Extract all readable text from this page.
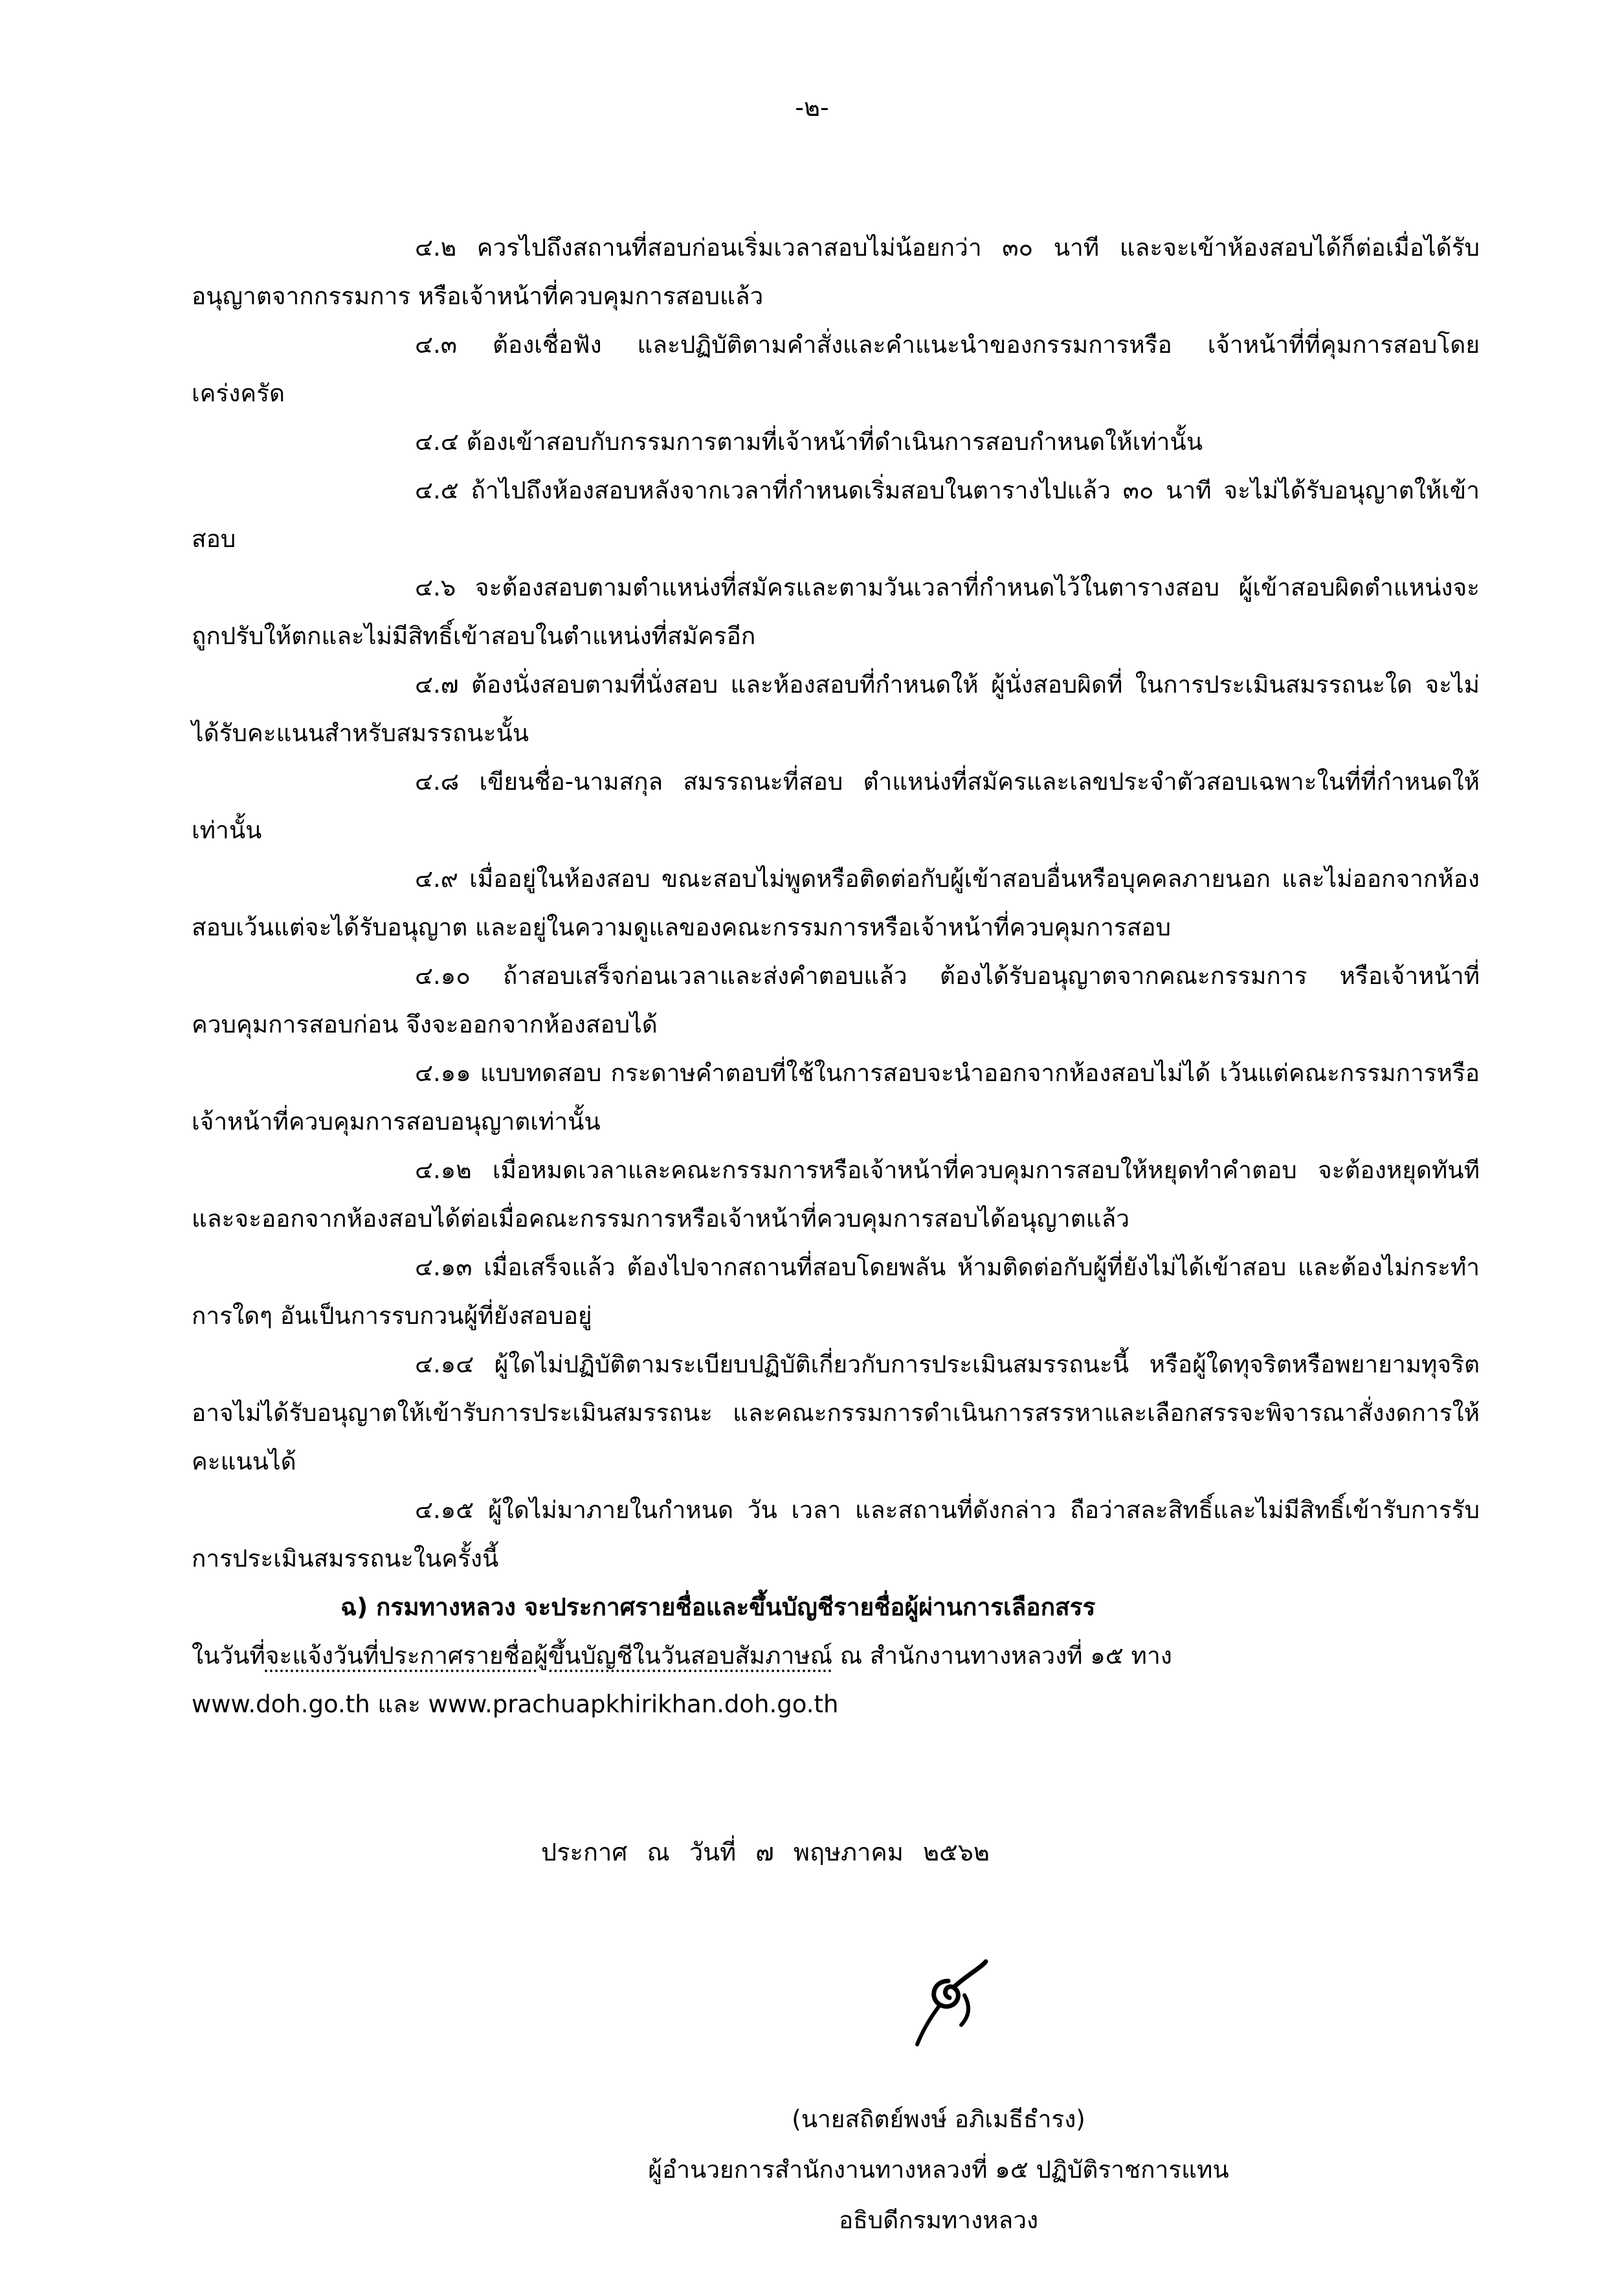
-๒-

๔.๒ ควรไปถึงสถานที่สอบก่อนเริ่มเวลาสอบไม่น้อยกว่า ๓๐ นาที และจะเข้าห้องสอบได้ก็ต่อเมื่อได้รับอนุญาตจากกรรมการ หรือเจ้าหน้าที่ควบคุมการสอบแล้ว

๔.๓ ต้องเชื่อฟัง และปฏิบัติตามคำสั่งและคำแนะนำของกรรมการหรือ เจ้าหน้าที่ที่คุมการสอบโดยเคร่งครัด

๔.๔ ต้องเข้าสอบกับกรรมการตามที่เจ้าหน้าที่ดำเนินการสอบกำหนดให้เท่านั้น

๔.๕ ถ้าไปถึงห้องสอบหลังจากเวลาที่กำหนดเริ่มสอบในตารางไปแล้ว ๓๐ นาที จะไม่ได้รับอนุญาตให้เข้าสอบ

๔.๖ จะต้องสอบตามตำแหน่งที่สมัครและตามวันเวลาที่กำหนดไว้ในตารางสอบ ผู้เข้าสอบผิดตำแหน่งจะถูกปรับให้ตกและไม่มีสิทธิ์เข้าสอบในตำแหน่งที่สมัครอีก

๔.๗ ต้องนั่งสอบตามที่นั่งสอบ และห้องสอบที่กำหนดให้ ผู้นั่งสอบผิดที่ ในการประเมินสมรรถนะใด จะไม่ได้รับคะแนนสำหรับสมรรถนะนั้น

๔.๘ เขียนชื่อ-นามสกุล สมรรถนะที่สอบ ตำแหน่งที่สมัครและเลขประจำตัวสอบเฉพาะในที่ที่กำหนดให้เท่านั้น

๔.๙ เมื่ออยู่ในห้องสอบ ขณะสอบไม่พูดหรือติดต่อกับผู้เข้าสอบอื่นหรือบุคคลภายนอก และไม่ออกจากห้องสอบเว้นแต่จะได้รับอนุญาต และอยู่ในความดูแลของคณะกรรมการหรือเจ้าหน้าที่ควบคุมการสอบ

๔.๑๐ ถ้าสอบเสร็จก่อนเวลาและส่งคำตอบแล้ว ต้องได้รับอนุญาตจากคณะกรรมการ หรือเจ้าหน้าที่ควบคุมการสอบก่อน จึงจะออกจากห้องสอบได้

๔.๑๑ แบบทดสอบ กระดาษคำตอบที่ใช้ในการสอบจะนำออกจากห้องสอบไม่ได้ เว้นแต่คณะกรรมการหรือเจ้าหน้าที่ควบคุมการสอบอนุญาตเท่านั้น

๔.๑๒ เมื่อหมดเวลาและคณะกรรมการหรือเจ้าหน้าที่ควบคุมการสอบให้หยุดทำคำตอบ จะต้องหยุดทันที และจะออกจากห้องสอบได้ต่อเมื่อคณะกรรมการหรือเจ้าหน้าที่ควบคุมการสอบได้อนุญาตแล้ว

๔.๑๓ เมื่อเสร็จแล้ว ต้องไปจากสถานที่สอบโดยพลัน ห้ามติดต่อกับผู้ที่ยังไม่ได้เข้าสอบ และต้องไม่กระทำการใดๆ อันเป็นการรบกวนผู้ที่ยังสอบอยู่

๔.๑๔ ผู้ใดไม่ปฏิบัติตามระเบียบปฏิบัติเกี่ยวกับการประเมินสมรรถนะนี้ หรือผู้ใดทุจริตหรือพยายามทุจริต อาจไม่ได้รับอนุญาตให้เข้ารับการประเมินสมรรถนะ และคณะกรรมการดำเนินการสรรหาและเลือกสรรจะพิจารณาสั่งงดการให้คะแนนได้

๔.๑๕ ผู้ใดไม่มาภายในกำหนด วัน เวลา และสถานที่ดังกล่าว ถือว่าสละสิทธิ์และไม่มีสิทธิ์เข้ารับการรับการประเมินสมรรถนะในครั้งนี้

ฉ) กรมทางหลวง จะประกาศรายชื่อและขึ้นบัญชีรายชื่อผู้ผ่านการเลือกสรร

ในวันที่จะแจ้งวันที่ประกาศรายชื่อผู้ขึ้นบัญชีในวันสอบสัมภาษณ์ ณ สำนักงานทางหลวงที่ ๑๕ ทาง

www.doh.go.th และ www.prachuapkhirikhan.doh.go.th

ประกาศ ณ วันที่ ๗ พฤษภาคม ๒๕๖๒
(นายสถิตย์พงษ์ อภิเมธีธำรง)
ผู้อำนวยการสำนักงานทางหลวงที่ ๑๕ ปฏิบัติราชการแทน
อธิบดีกรมทางหลวง
